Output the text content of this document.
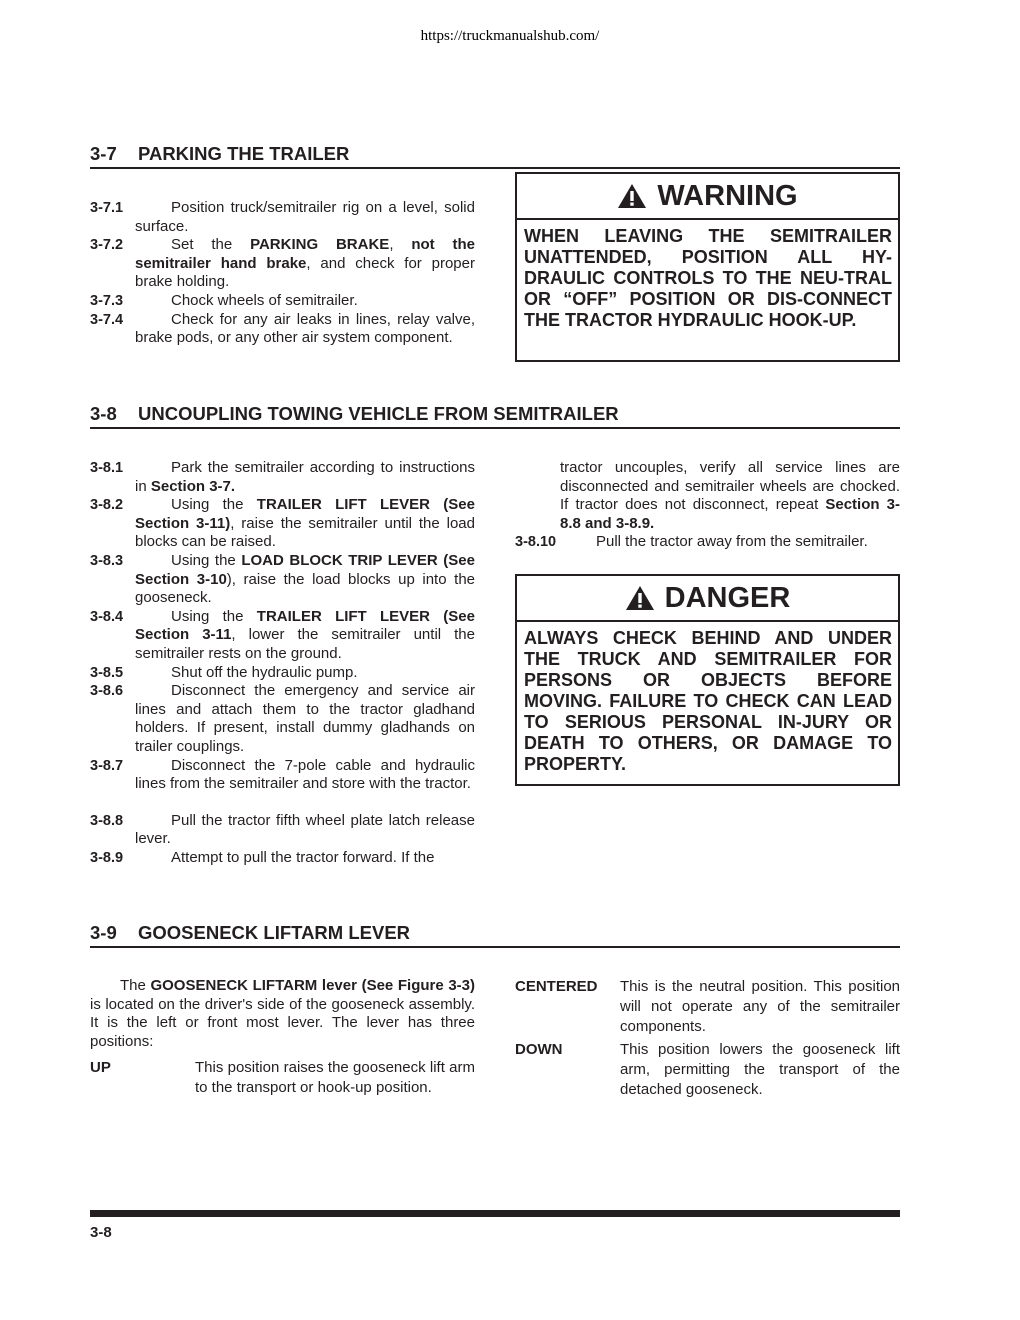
https://truckmanualshub.com/
3-7 PARKING THE TRAILER
3-7.1	Position truck/semitrailer rig on a level, solid surface.
3-7.2	Set the PARKING BRAKE, not the semitrailer hand brake, and check for proper brake holding.
3-7.3	Chock wheels of semitrailer.
3-7.4	Check for any air leaks in lines, relay valve, brake pods, or any other air system component.
WARNING
WHEN LEAVING THE SEMITRAILER UNATTENDED, POSITION ALL HY-DRAULIC CONTROLS TO THE NEU-TRAL OR “OFF” POSITION OR DIS-CONNECT THE TRACTOR HYDRAULIC HOOK-UP.
3-8 UNCOUPLING TOWING VEHICLE FROM SEMITRAILER
3-8.1	Park the semitrailer according to instructions in Section 3-7.
3-8.2	Using the TRAILER LIFT LEVER (See Section 3-11), raise the semitrailer until the load blocks can be raised.
3-8.3	Using the LOAD BLOCK TRIP LEVER (See Section 3-10), raise the load blocks up into the gooseneck.
3-8.4	Using the TRAILER LIFT LEVER (See Section 3-11, lower the semitrailer until the semitrailer rests on the ground.
3-8.5	Shut off the hydraulic pump.
3-8.6	Disconnect the emergency and service air lines and attach them to the tractor gladhand holders. If present, install dummy gladhands on trailer couplings.
3-8.7	Disconnect the 7-pole cable and hydraulic lines from the semitrailer and store with the tractor.
3-8.8	Pull the tractor fifth wheel plate latch release lever.
3-8.9	Attempt to pull the tractor forward. If the
tractor uncouples, verify all service lines are disconnected and semitrailer wheels are chocked. If tractor does not disconnect, repeat Section 3-8.8 and 3-8.9.
3-8.10	Pull the tractor away from the semitrailer.
DANGER
ALWAYS CHECK BEHIND AND UNDER THE TRUCK AND SEMITRAILER FOR PERSONS OR OBJECTS BEFORE MOVING. FAILURE TO CHECK CAN LEAD TO SERIOUS PERSONAL IN-JURY OR DEATH TO OTHERS, OR DAMAGE TO PROPERTY.
3-9 GOOSENECK LIFTARM LEVER
The GOOSENECK LIFTARM lever (See Figure 3-3) is located on the driver's side of the gooseneck assembly. It is the left or front most lever. The lever has three positions:
UP	This position raises the gooseneck lift arm to the transport or hook-up position.
CENTERED This is the neutral position. This position will not operate any of the semitrailer components.
DOWN	This position lowers the gooseneck lift arm, permitting the transport of the detached gooseneck.
3-8
